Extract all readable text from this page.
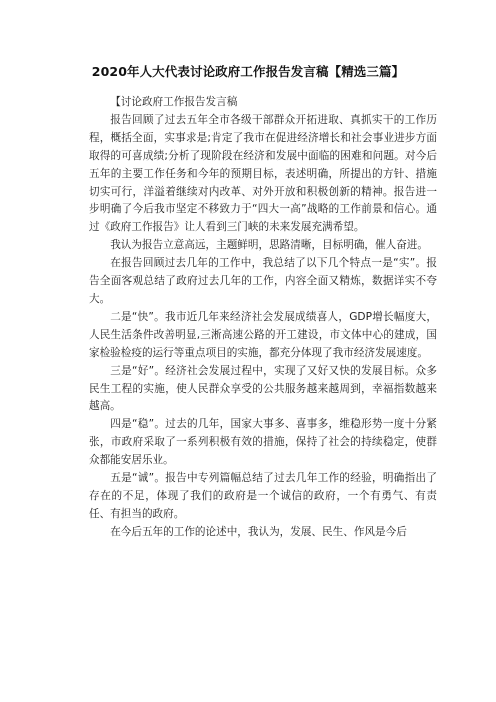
2020年人大代表讨论政府工作报告发言稿【精选三篇】

【讨论政府工作报告发言稿

报告回顾了过去五年全市各级干部群众开拓进取、真抓实干的工作历程，概括全面，实事求是;肯定了我市在促进经济增长和社会事业进步方面取得的可喜成绩;分析了现阶段在经济和发展中面临的困难和问题。对今后五年的主要工作任务和今年的预期目标，表述明确，所提出的方针、措施切实可行，洋溢着继续对内改革、对外开放和积极创新的精神。报告进一步明确了今后我市坚定不移致力于“四大一高”战略的工作前景和信心。通过《政府工作报告》让人看到三门峡的未来发展充满希望。

我认为报告立意高远，主题鲜明，思路清晰，目标明确，催人奋进。

在报告回顾过去几年的工作中，我总结了以下几个特点一是“实”。报告全面客观总结了政府过去几年的工作，内容全面又精炼，数据详实不夸大。

二是“快”。我市近几年来经济社会发展成绩喜人，GDP增长幅度大，人民生活条件改善明显,三淅高速公路的开工建设，市文体中心的建成，国家检验检疫的运行等重点项目的实施，都充分体现了我市经济发展速度。

三是“好”。经济社会发展过程中，实现了又好又快的发展目标。众多民生工程的实施，使人民群众享受的公共服务越来越周到，幸福指数越来越高。

四是“稳”。过去的几年，国家大事多、喜事多，维稳形势一度十分紧张，市政府采取了一系列积极有效的措施，保持了社会的持续稳定，使群众都能安居乐业。

五是“诚”。报告中专列篇幅总结了过去几年工作的经验，明确指出了存在的不足，体现了我们的政府是一个诚信的政府，一个有勇气、有责任、有担当的政府。

在今后五年的工作的论述中，我认为，发展、民生、作风是今后
